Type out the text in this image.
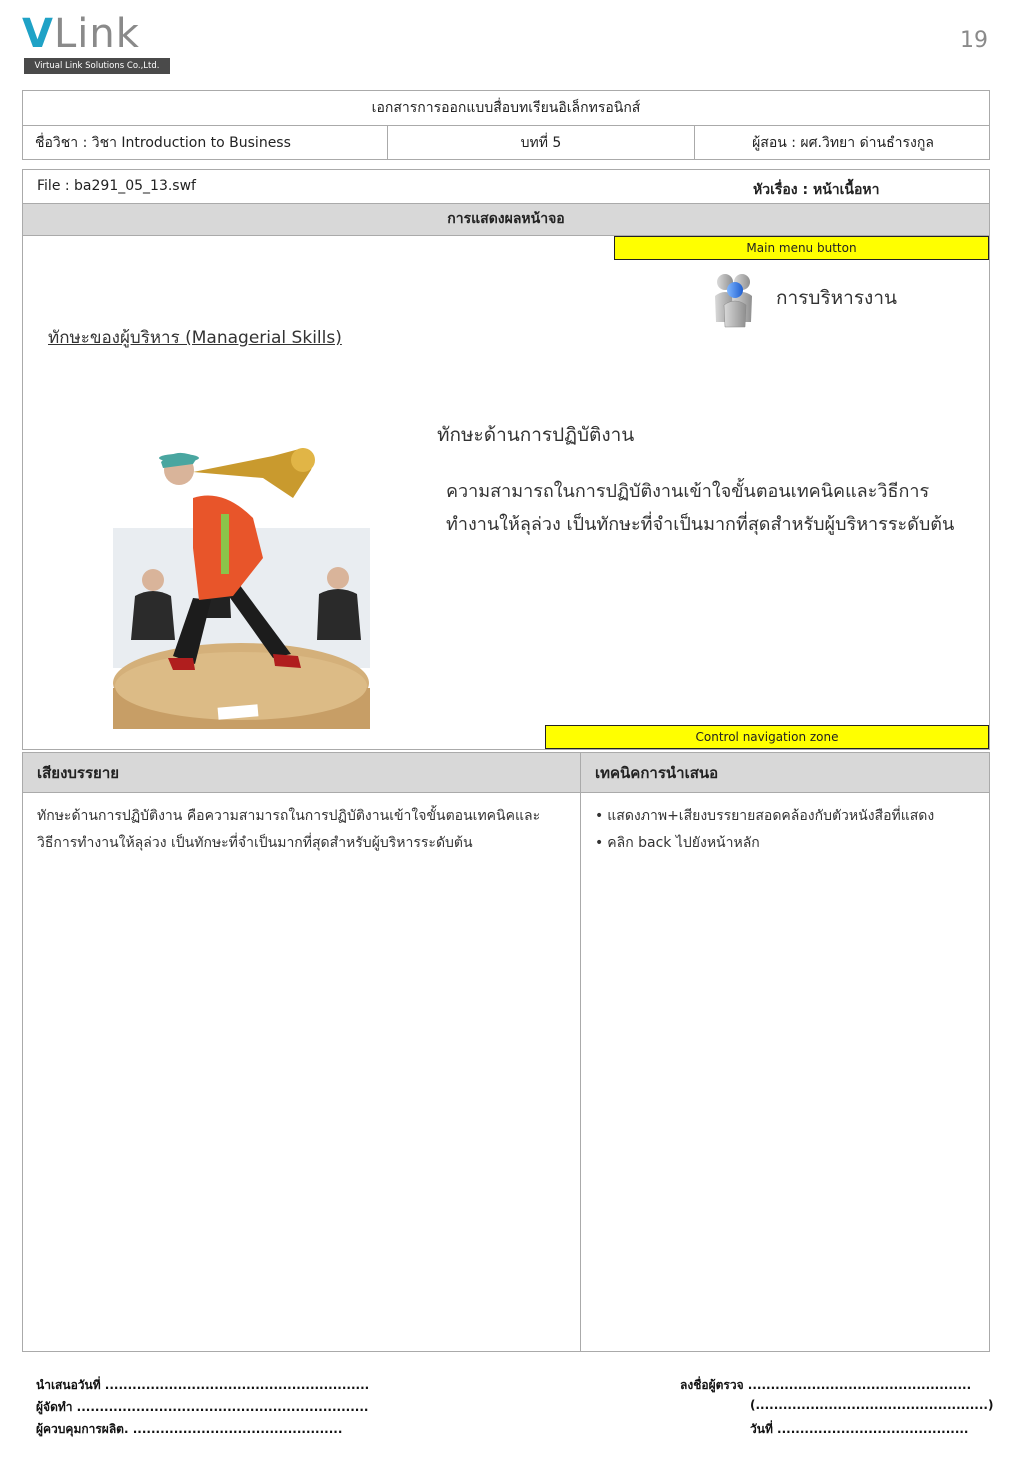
VLink
Virtual Link Solutions Co.,Ltd.
19
เอกสารการออกแบบสื่อบทเรียนอิเล็กทรอนิกส์
ชื่อวิชา : วิชา Introduction to Business	บทที่ 5	ผู้สอน : ผศ.วิทยา ด่านธำรงกูล
File : ba291_05_13.swf	หัวเรื่อง : หน้าเนื้อหา
การแสดงผลหน้าจอ
Main menu button
การบริหารงาน
ทักษะของผู้บริหาร (Managerial Skills)
ทักษะด้านการปฏิบัติงาน
ความสามารถในการปฏิบัติงานเข้าใจขั้นตอนเทคนิคและวิธีการ
ทำงานให้ลุล่วง เป็นทักษะที่จำเป็นมากที่สุดสำหรับผู้บริหารระดับต้น
Control navigation zone
เสียงบรรยาย	เทคนิคการนำเสนอ
ทักษะด้านการปฏิบัติงาน คือความสามารถในการปฏิบัติงานเข้าใจขั้นตอนเทคนิคและ
วิธีการทำงานให้ลุล่วง เป็นทักษะที่จำเป็นมากที่สุดสำหรับผู้บริหารระดับต้น
• แสดงภาพ+เสียงบรรยายสอดคล้องกับตัวหนังสือที่แสดง
• คลิก back ไปยังหน้าหลัก
นำเสนอวันที่ ..........................................................
ผู้จัดทำ ................................................................
ผู้ควบคุมการผลิต. ..............................................
ลงชื่อผู้ตรวจ .................................................
(...................................................)
วันที่ ..........................................
